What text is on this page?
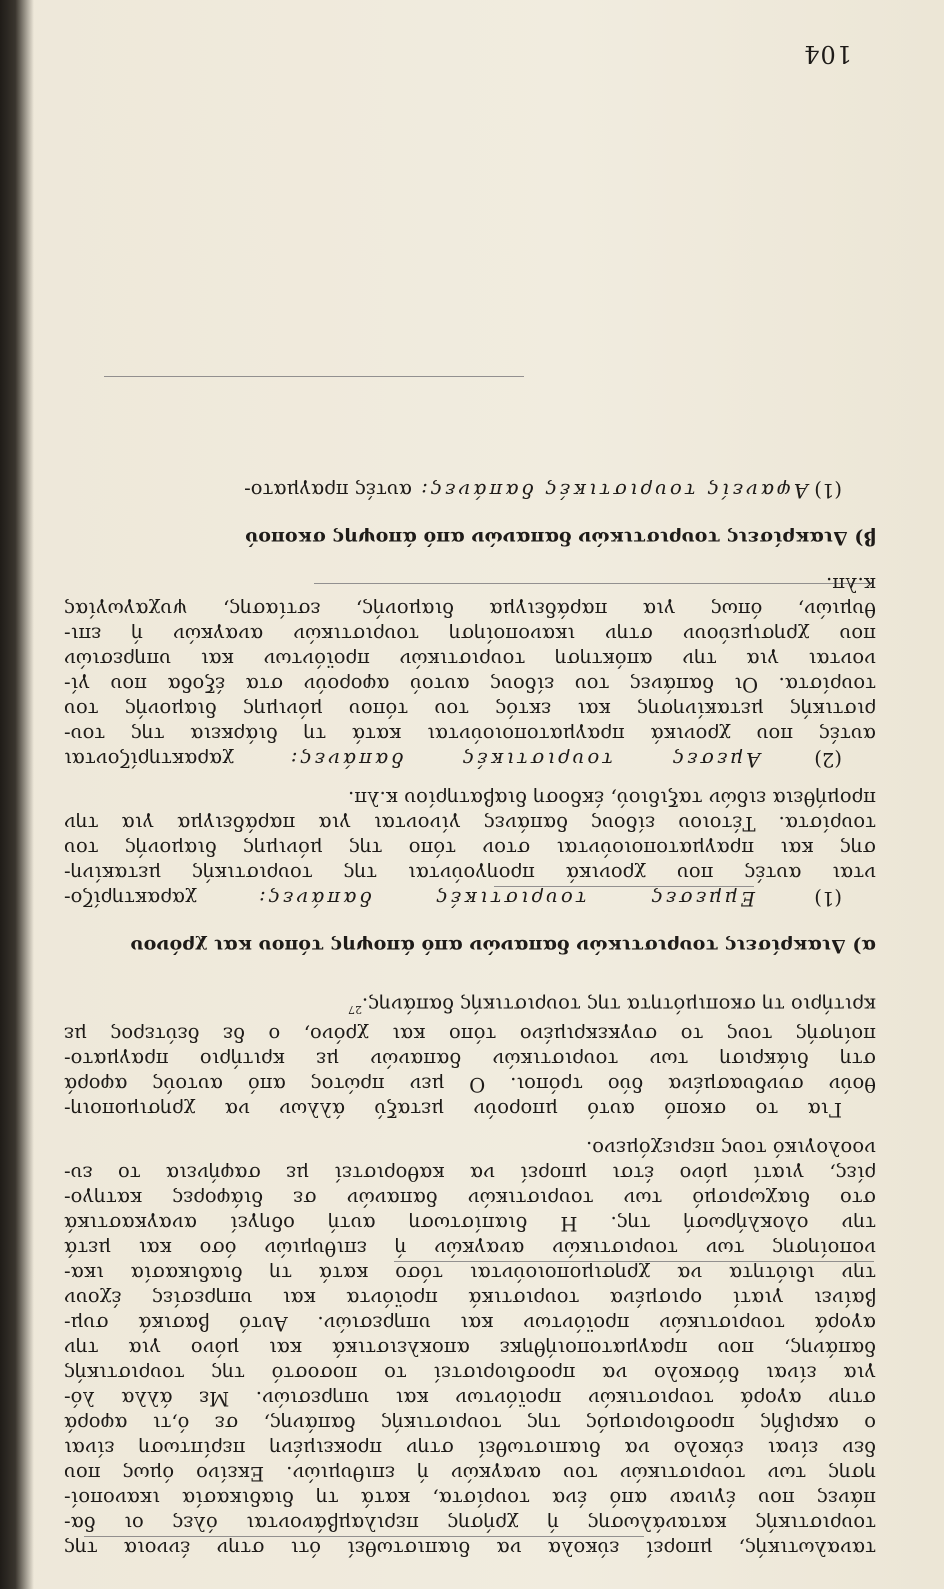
ταναλωτικής, μπορεί εύκολα να διαπιστωθεί ότι στην έννοια της

τουριστικής κατανάλωσης ή χρήσης περιλαμβάνονται όλες οι δα-

πάνες που έγιναν από ένα τουρίστα, κατά τη διαδικασία ικανοποί-

ησης των τουριστικών του αναγκών ή επιθυμιών. Εκείνο όμως που

δεν είναι εύκολο να διαπιστωθεί στην προκειμένη περίπτωση είναι

ο ακριβής προσδιορισμός της τουριστικής δαπάνης, σε ό,τι αφορά

στην αγορά τουριστικών προϊόντων και υπηρεσιών. Με άλλα λό-

για είναι δύσκολο να προσδιοριστεί το ποσοστό της τουριστικής

δαπάνης, που πραγματοποιήθηκε αποκλειστικά και μόνο για την

αγορά τουριστικών προϊόντων και υπηρεσιών. Αυτό βασικά συμ-

βαίνει γιατί ορισμένα τουριστικά προϊόντα και υπηρεσίες έχουν

την ιδιότητα να χρησιμοποιούνται τόσο κατά τη διαδικασία ικα-

νοποίησης των τουριστικών αναγκών ή επιθυμιών όσο και μετά

την ολοκλήρωσή της. Η διαπίστωση αυτή οδηγεί αναγκαστικά

στο διαχωρισμό των τουριστικών δαπανών σε διάφορες κατηγο-

ρίες, γιατί μόνο έτσι μπορεί να καθοριστεί με σαφήνεια το ευ-

νοολογικό τους περιεχόμενο.

Για το σκοπό αυτό μπορούν μεταξύ άλλων να χρησιμοποιη-

θούν συνδυασμένα δύο τρόποι. Ο μεν πρώτος από αυτούς αφορά

στη διάκριση των τουριστικών δαπανών με κριτήριο πραγματο-

ποίησής τους το συγκεκριμένο τόπο και χρόνο, ο δε δεύτερος με

κριτήριο τη σκοπιμότητα της τουριστικής δαπάνης.$^{27}$

α) Διακρίσεις τουριστικών δαπανών από άποψης τόπου και χρόνου

(1) Εμμεσες τουριστικές δαπάνες: χαρακτηρίζο-

νται αυτές που χρονικά προηγούνται της τουριστικής μετακίνη-

σης και πραγματοποιούνται στον τόπο της μόνιμης διαμονής του

τουρίστα. Τέτοιου είδους δαπάνες γίνονται για παράδειγμα για την

προμήθεια ειδών ταξιδιού, έκδοση διαβατηρίου κ.λπ.

(2) Αμεσες τουριστικές δαπάνες: χαρακτηρίζονται

αυτές που χρονικά πραγματοποιούνται κατά τη διάρκεια της του-

ριστικής μετακίνησης και εκτός του τόπου μόνιμης διαμονής του

τουρίστα. Οι δαπάνες του είδους αυτού αφορούν στα έξοδα που γί-

νονται για την απόκτηση τουριστικών προϊόντων και υπηρεσιών

που χρησιμεύουν στην ικανοποίηση τουριστικών αναγκών ή επι-

θυμιών, όπως για παράδειγμα διαμονής, εστίασης, ψυχαγωγίας

κ.λπ.

β) Διακρίσεις τουριστικών δαπανών από άποψης σκοπού

(1) Αφανείς τουριστικές δαπάνες: αυτές πραγματο-

104
